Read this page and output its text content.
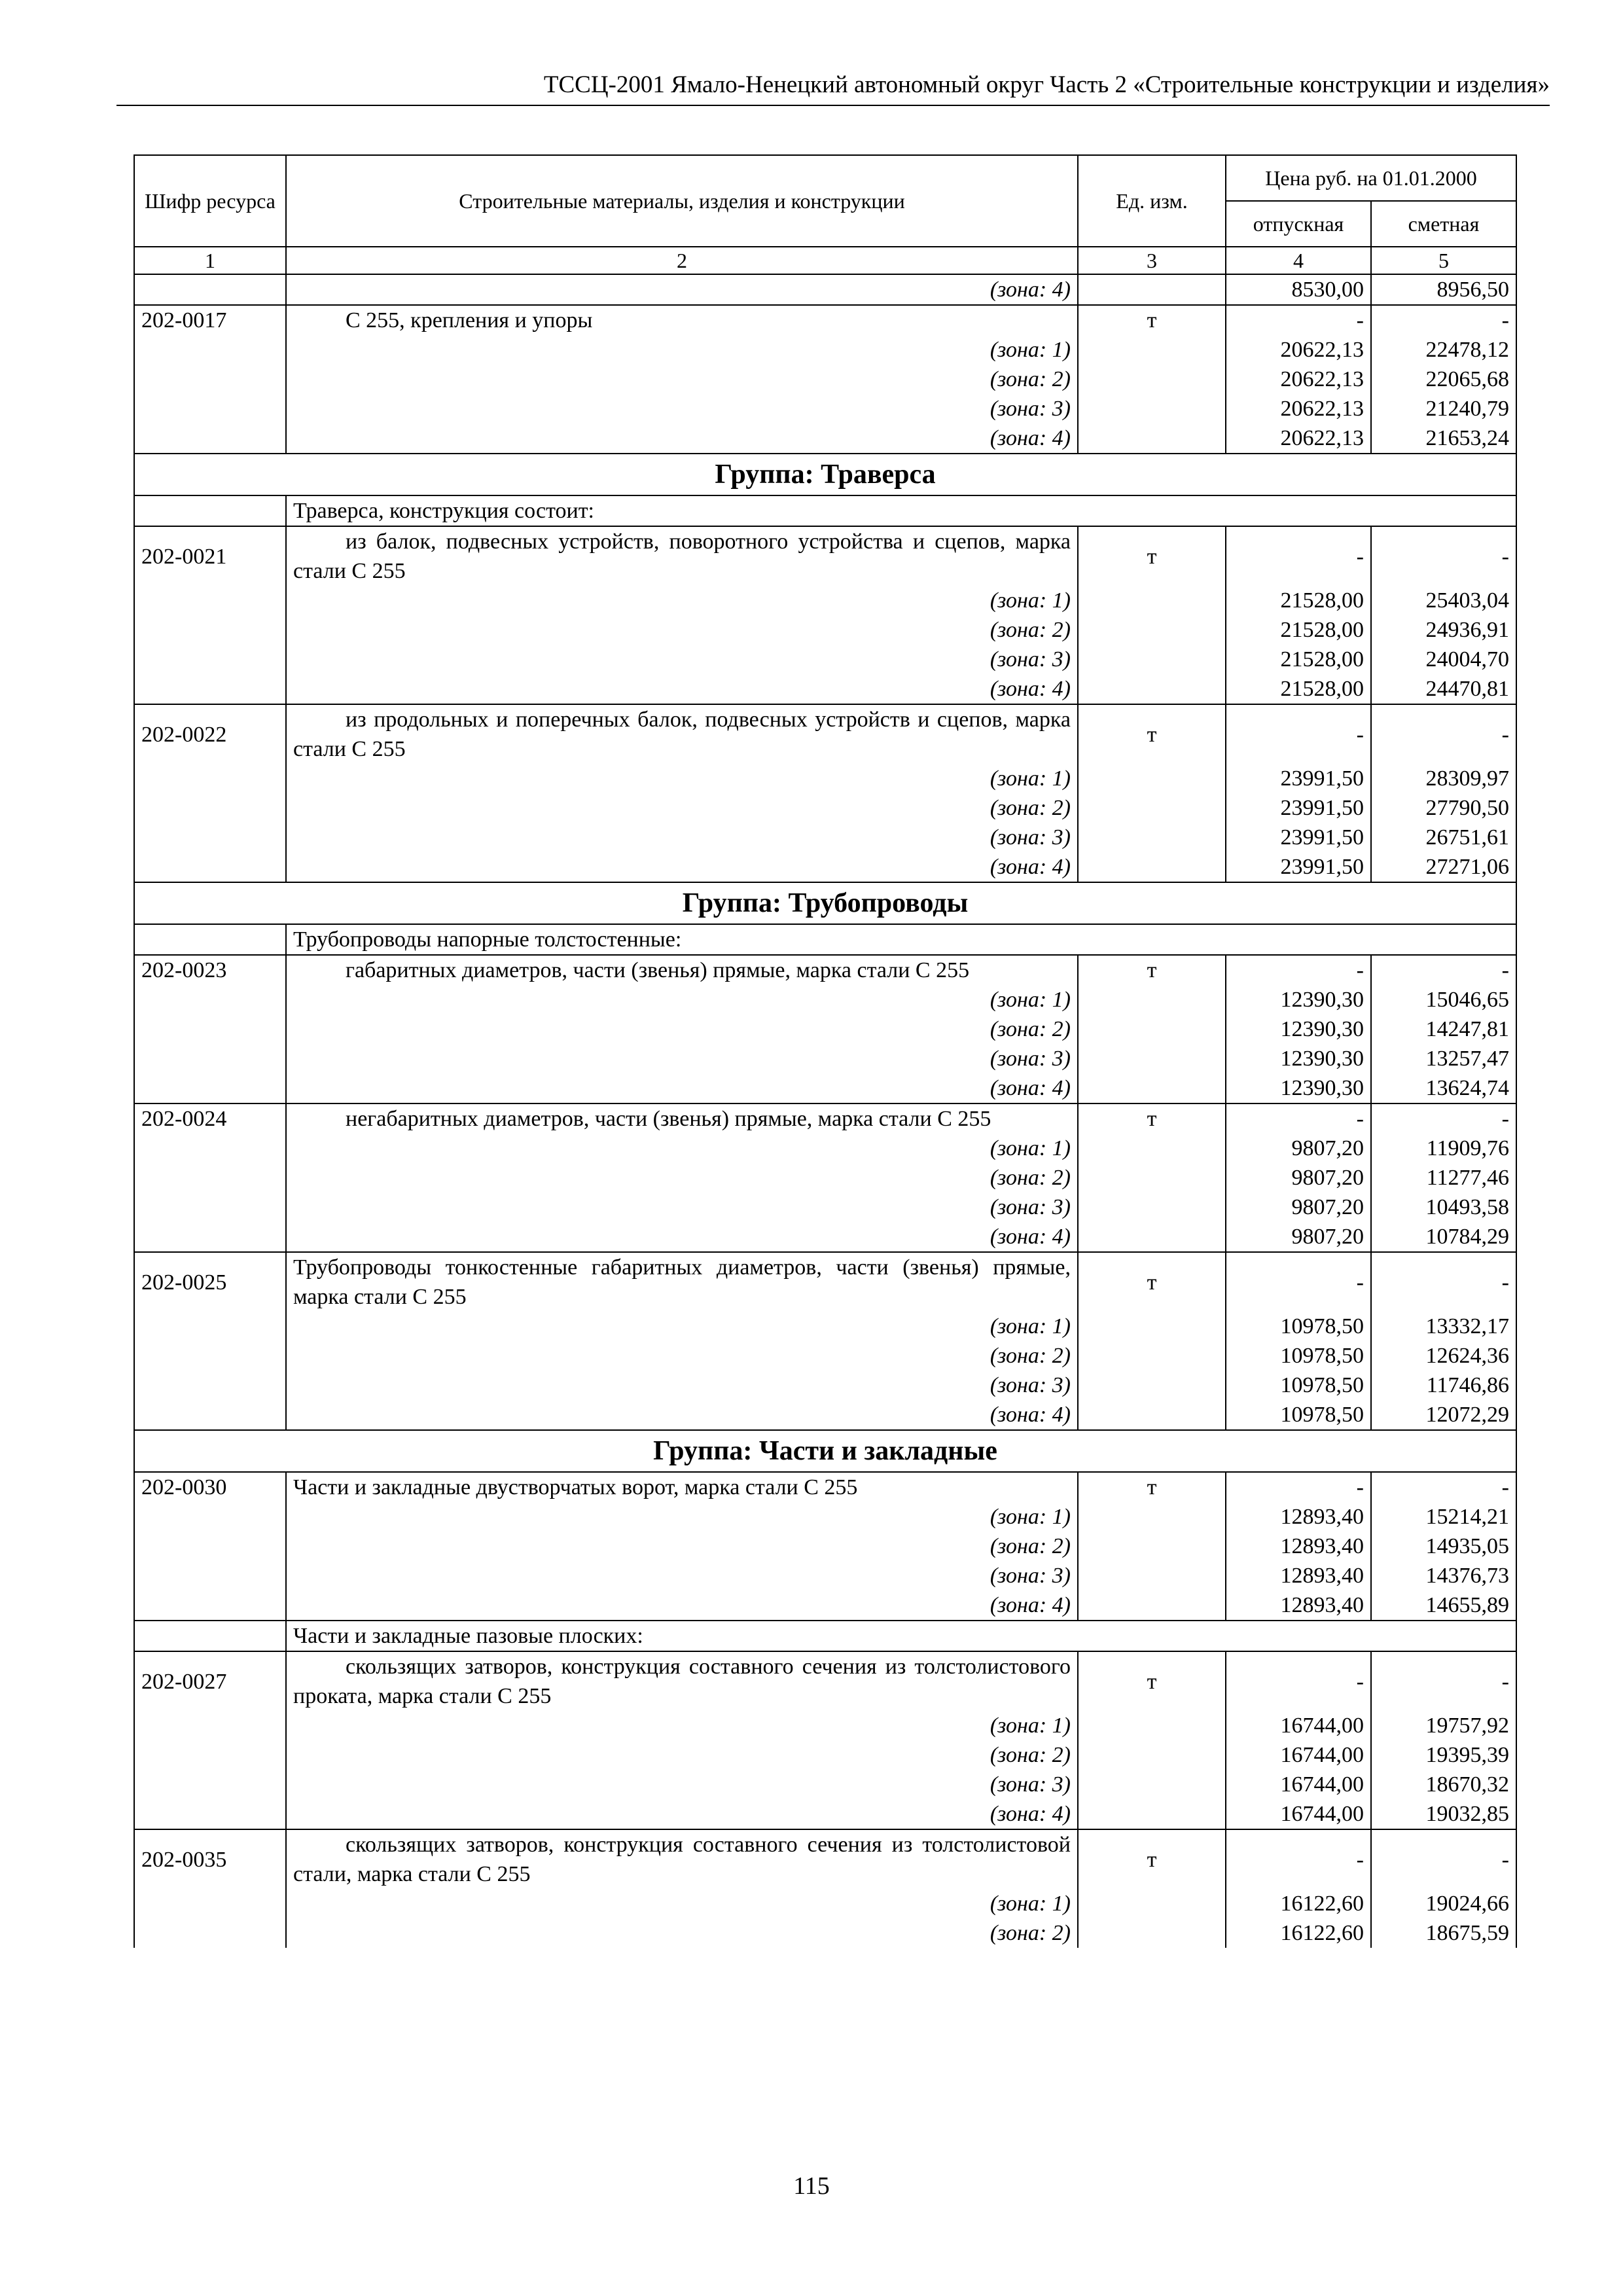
ТССЦ-2001 Ямало-Ненецкий автономный округ Часть 2 «Строительные конструкции и изделия»
Шифр ресурса	Строительные материалы, изделия и конструкции	Ед. изм.	Цена руб. на 01.01.2000	
			отпускная	сметная
1	2	3	4	5
	(зона: 4)		8530,00	8956,50
202-0017	С 255, крепления и упоры	т	-	-
	(зона: 1)		20622,13	22478,12
	(зона: 2)		20622,13	22065,68
	(зона: 3)		20622,13	21240,79
	(зона: 4)		20622,13	21653,24
Группа: Траверса				
	Траверса, конструкция состоит:			
202-0021	из балок, подвесных устройств, поворотного устройства и сцепов, марка стали С 255	т	-	-
	(зона: 1)		21528,00	25403,04
	(зона: 2)		21528,00	24936,91
	(зона: 3)		21528,00	24004,70
	(зона: 4)		21528,00	24470,81
202-0022	из продольных и поперечных балок, подвесных устройств и сцепов, марка стали С 255	т	-	-
	(зона: 1)		23991,50	28309,97
	(зона: 2)		23991,50	27790,50
	(зона: 3)		23991,50	26751,61
	(зона: 4)		23991,50	27271,06
Группа: Трубопроводы				
	Трубопроводы напорные толстостенные:			
202-0023	габаритных диаметров, части (звенья) прямые, марка стали С 255	т	-	-
	(зона: 1)		12390,30	15046,65
	(зона: 2)		12390,30	14247,81
	(зона: 3)		12390,30	13257,47
	(зона: 4)		12390,30	13624,74
202-0024	негабаритных диаметров, части (звенья) прямые, марка стали С 255	т	-	-
	(зона: 1)		9807,20	11909,76
	(зона: 2)		9807,20	11277,46
	(зона: 3)		9807,20	10493,58
	(зона: 4)		9807,20	10784,29
202-0025	Трубопроводы тонкостенные габаритных диаметров, части (звенья) прямые, марка стали С 255	т	-	-
	(зона: 1)		10978,50	13332,17
	(зона: 2)		10978,50	12624,36
	(зона: 3)		10978,50	11746,86
	(зона: 4)		10978,50	12072,29
Группа: Части и закладные				
202-0030	Части и закладные двустворчатых ворот, марка стали С 255	т	-	-
	(зона: 1)		12893,40	15214,21
	(зона: 2)		12893,40	14935,05
	(зона: 3)		12893,40	14376,73
	(зона: 4)		12893,40	14655,89
	Части и закладные пазовые плоских:			
202-0027	скользящих затворов, конструкция составного сечения из толстолистового проката, марка стали С 255	т	-	-
	(зона: 1)		16744,00	19757,92
	(зона: 2)		16744,00	19395,39
	(зона: 3)		16744,00	18670,32
	(зона: 4)		16744,00	19032,85
202-0035	скользящих затворов, конструкция составного сечения из толстолистовой стали, марка стали С 255	т	-	-
	(зона: 1)		16122,60	19024,66
	(зона: 2)		16122,60	18675,59
115
